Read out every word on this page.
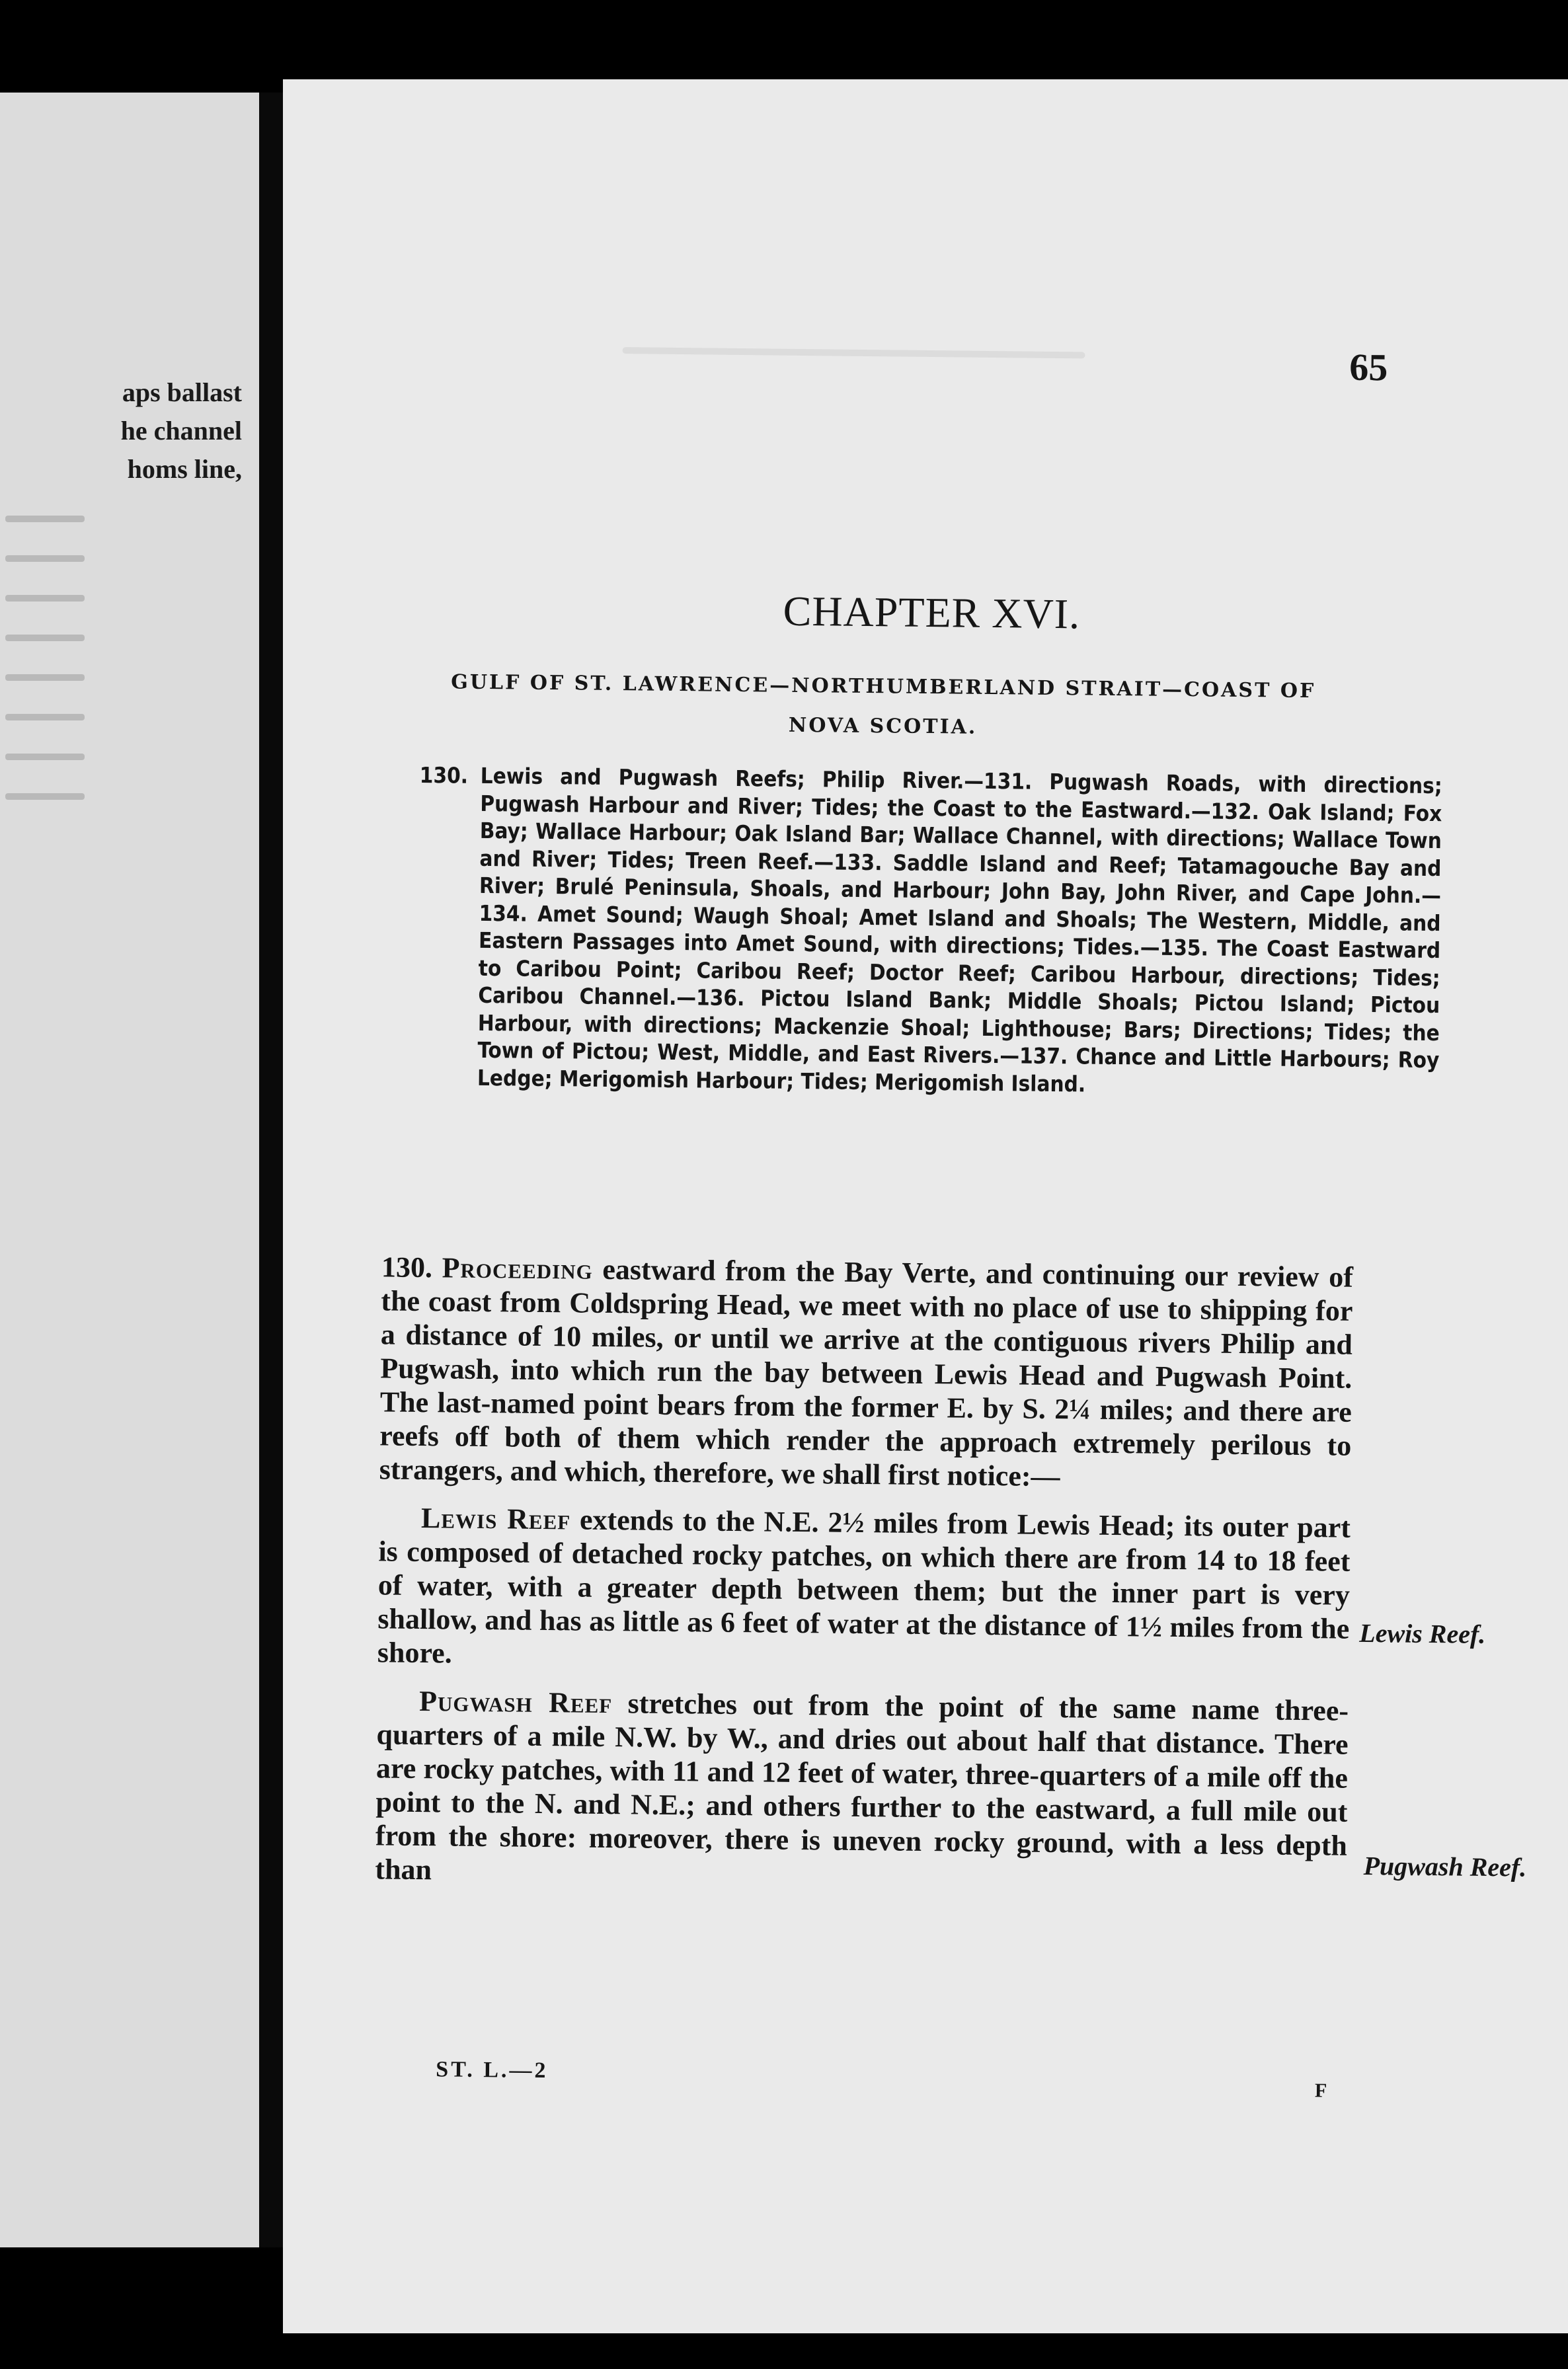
aps ballast
he channel
homs line,
65
CHAPTER XVI.
GULF OF ST. LAWRENCE—NORTHUMBERLAND STRAIT—COAST OF
NOVA SCOTIA.
130. Lewis and Pugwash Reefs; Philip River.—131. Pugwash Roads, with directions; Pugwash Harbour and River; Tides; the Coast to the Eastward.—132. Oak Island; Fox Bay; Wallace Harbour; Oak Island Bar; Wallace Channel, with directions; Wallace Town and River; Tides; Treen Reef.—133. Saddle Island and Reef; Tatamagouche Bay and River; Brulé Peninsula, Shoals, and Harbour; John Bay, John River, and Cape John.—134. Amet Sound; Waugh Shoal; Amet Island and Shoals; The Western, Middle, and Eastern Passages into Amet Sound, with directions; Tides.—135. The Coast Eastward to Caribou Point; Caribou Reef; Doctor Reef; Caribou Harbour, directions; Tides; Caribou Channel.—136. Pictou Island Bank; Middle Shoals; Pictou Island; Pictou Harbour, with directions; Mackenzie Shoal; Lighthouse; Bars; Directions; Tides; the Town of Pictou; West, Middle, and East Rivers.—137. Chance and Little Harbours; Roy Ledge; Merigomish Harbour; Tides; Merigomish Island.

130. Proceeding eastward from the Bay Verte, and continuing our review of the coast from Coldspring Head, we meet with no place of use to shipping for a distance of 10 miles, or until we arrive at the contiguous rivers Philip and Pugwash, into which run the bay between Lewis Head and Pugwash Point. The last-named point bears from the former E. by S. 2¼ miles; and there are reefs off both of them which render the approach extremely perilous to strangers, and which, therefore, we shall first notice:—

Lewis Reef extends to the N.E. 2½ miles from Lewis Head; its outer part is composed of detached rocky patches, on which there are from 14 to 18 feet of water, with a greater depth between them; but the inner part is very shallow, and has as little as 6 feet of water at the distance of 1½ miles from the shore.

Pugwash Reef stretches out from the point of the same name three-quarters of a mile N.W. by W., and dries out about half that distance. There are rocky patches, with 11 and 12 feet of water, three-quarters of a mile off the point to the N. and N.E.; and others further to the eastward, a full mile out from the shore: moreover, there is uneven rocky ground, with a less depth than

Lewis Reef.
Pugwash Reef.
ST. L.—2
F
